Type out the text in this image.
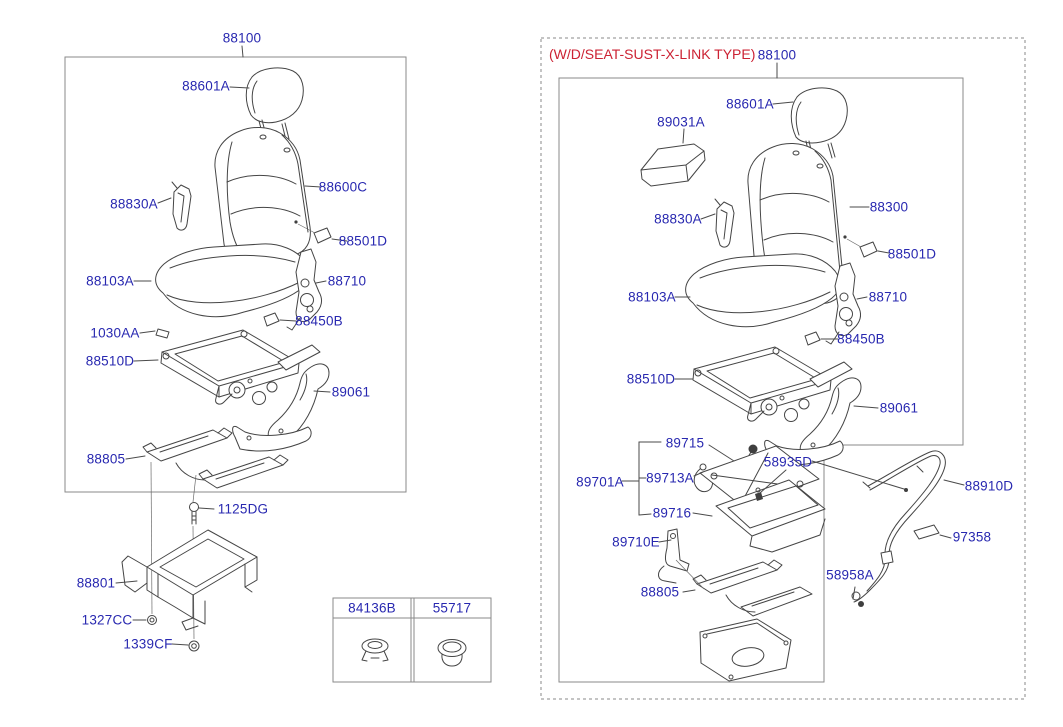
88100
88601A
88830A
88600C
88501D
88103A	88710
88450B
1030AA
88510D
89061
88805
1125DG
88801
1327CC
1339CF
84136B	55717
(W/D/SEAT-SUST-X-LINK TYPE) 88100
88601A
89031A
88830A
88300
88501D
88103A	88710
88450B
88510D
89061
89715
58935D
89701A 89713A
88910D
89716
97358
89710E
58958A
88805
